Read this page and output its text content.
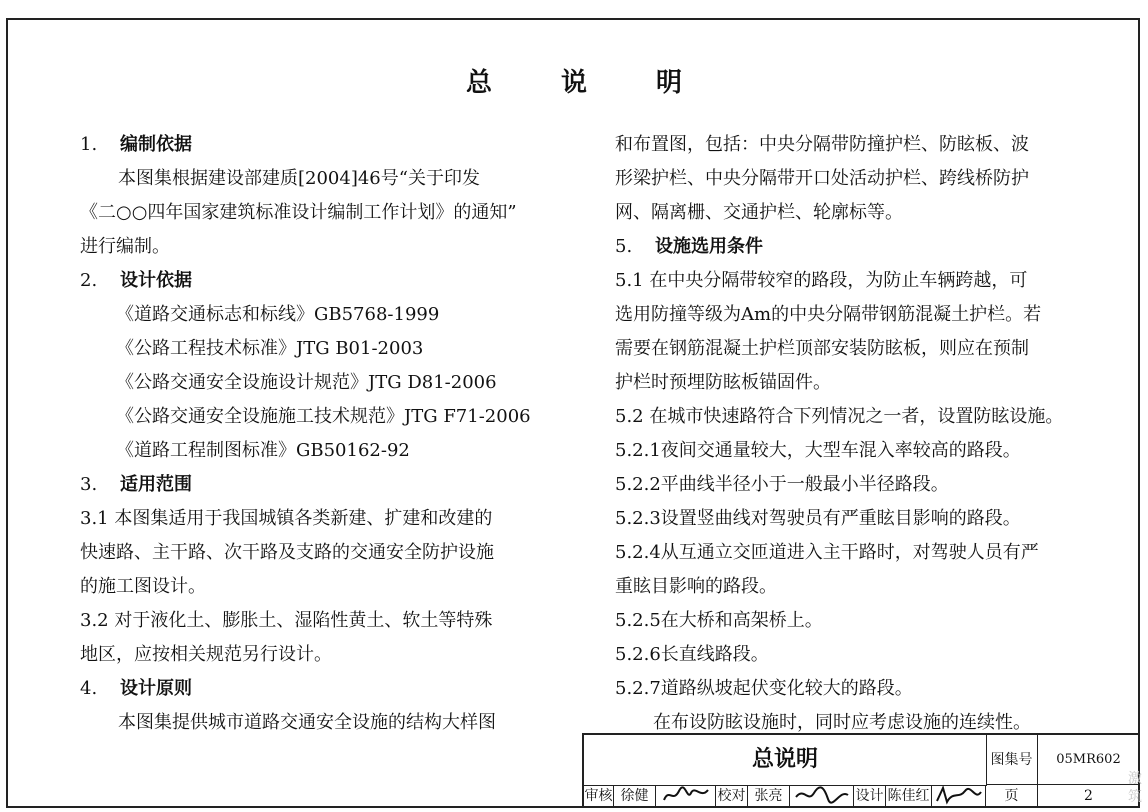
总 说 明
1. 编制依据
本图集根据建设部建质[2004]46号“关于印发
《二○○四年国家建筑标准设计编制工作计划》的通知”
进行编制。
2. 设计依据
《道路交通标志和标线》GB5768-1999
《公路工程技术标准》JTG B01-2003
《公路交通安全设施设计规范》JTG D81-2006
《公路交通安全设施施工技术规范》JTG F71-2006
《道路工程制图标准》GB50162-92
3. 适用范围
3.1 本图集适用于我国城镇各类新建、扩建和改建的
快速路、主干路、次干路及支路的交通安全防护设施
的施工图设计。
3.2 对于液化土、膨胀土、湿陷性黄土、软土等特殊
地区，应按相关规范另行设计。
4. 设计原则
本图集提供城市道路交通安全设施的结构大样图
和布置图，包括：中央分隔带防撞护栏、防眩板、波
形梁护栏、中央分隔带开口处活动护栏、跨线桥防护
网、隔离栅、交通护栏、轮廓标等。
5. 设施选用条件
5.1 在中央分隔带较窄的路段，为防止车辆跨越，可
选用防撞等级为Am的中央分隔带钢筋混凝土护栏。若
需要在钢筋混凝土护栏顶部安装防眩板，则应在预制
护栏时预埋防眩板锚固件。
5.2 在城市快速路符合下列情况之一者，设置防眩设施。
5.2.1夜间交通量较大，大型车混入率较高的路段。
5.2.2平曲线半径小于一般最小半径路段。
5.2.3设置竖曲线对驾驶员有严重眩目影响的路段。
5.2.4从互通立交匝道进入主干路时，对驾驶人员有严
重眩目影响的路段。
5.2.5在大桥和高架桥上。
5.2.6长直线路段。
5.2.7道路纵坡起伏变化较大的路段。
在布设防眩设施时，同时应考虑设施的连续性。
总说明	图集号	05MR602
审核 徐健	校对 张亮	设计 陈佳红	页	2
激 筑
